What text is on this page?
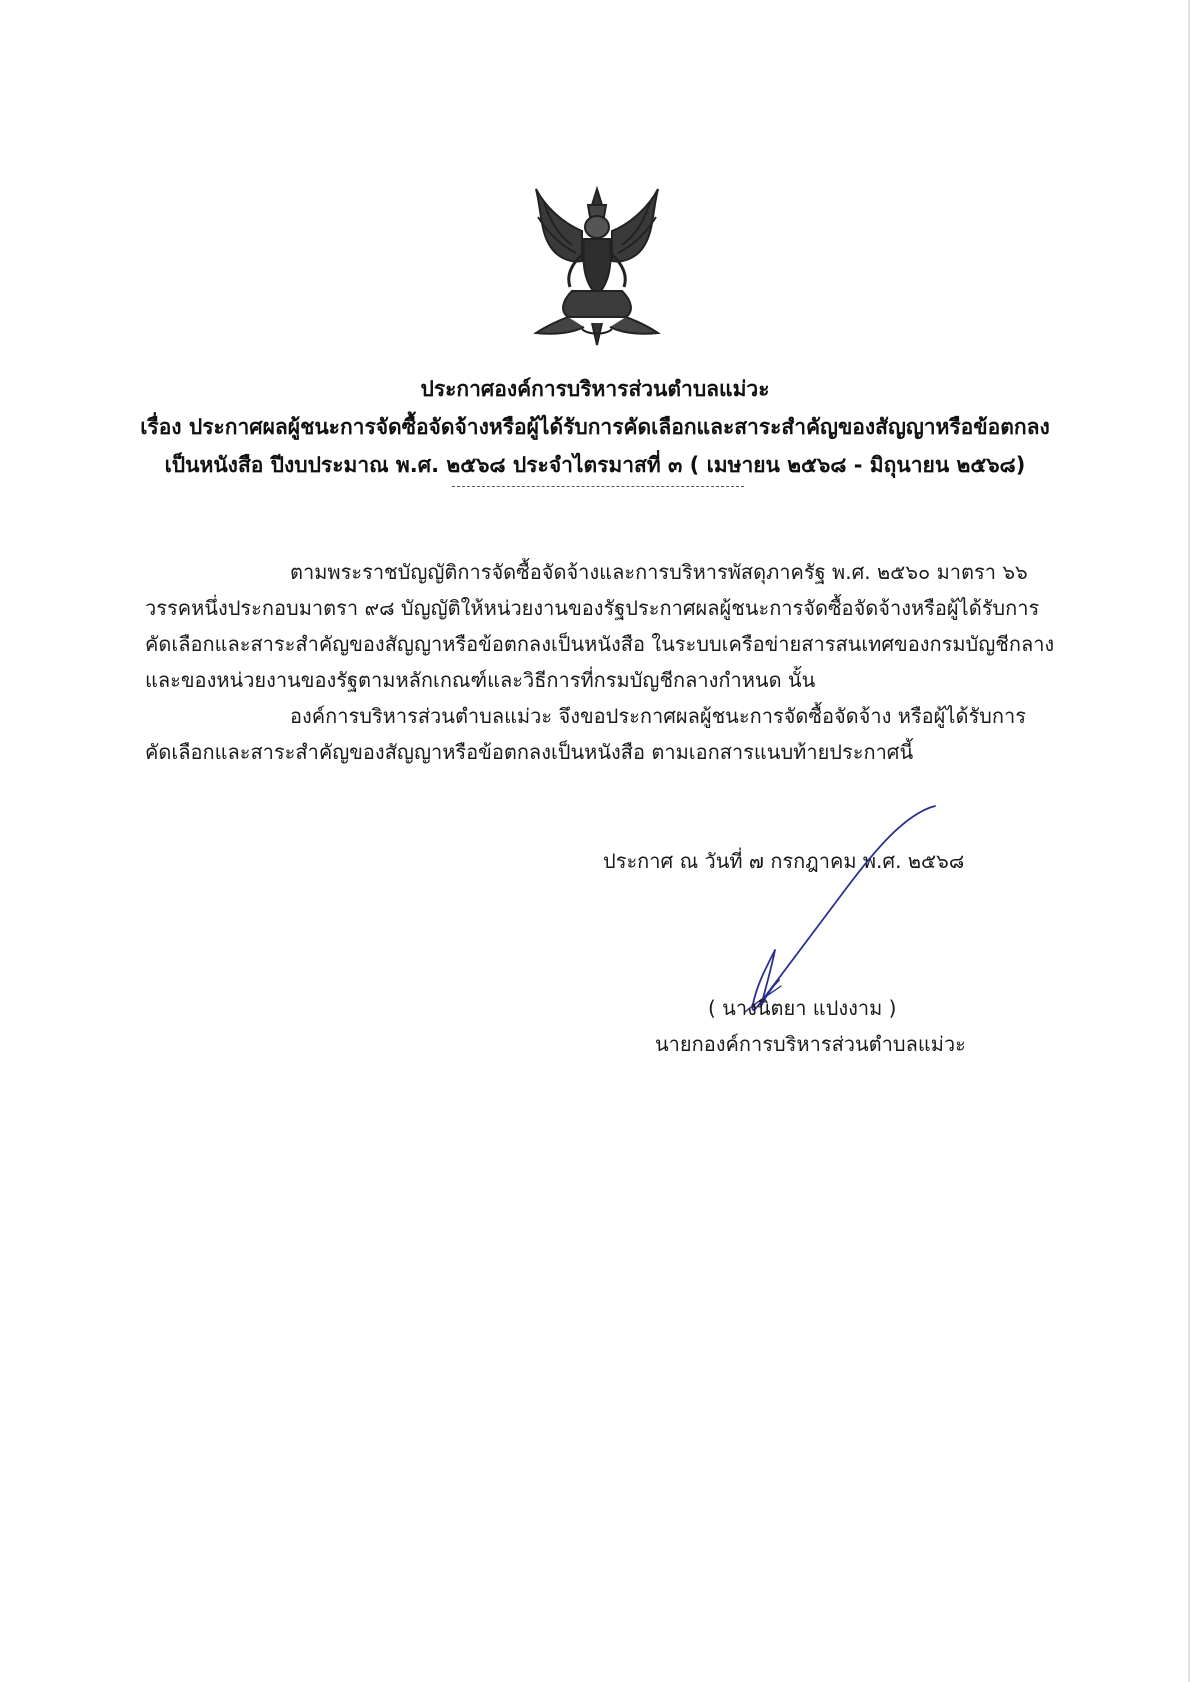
ประกาศองค์การบริหารส่วนตำบลแม่วะ
เรื่อง ประกาศผลผู้ชนะการจัดซื้อจัดจ้างหรือผู้ได้รับการคัดเลือกและสาระสำคัญของสัญญาหรือข้อตกลง
เป็นหนังสือ ปีงบประมาณ พ.ศ. ๒๕๖๘ ประจำไตรมาสที่ ๓ ( เมษายน ๒๕๖๘ - มิถุนายน ๒๕๖๘)
ตามพระราชบัญญัติการจัดซื้อจัดจ้างและการบริหารพัสดุภาครัฐ พ.ศ. ๒๕๖๐ มาตรา ๖๖
วรรคหนึ่งประกอบมาตรา ๙๘ บัญญัติให้หน่วยงานของรัฐประกาศผลผู้ชนะการจัดซื้อจัดจ้างหรือผู้ได้รับการ
คัดเลือกและสาระสำคัญของสัญญาหรือข้อตกลงเป็นหนังสือ ในระบบเครือข่ายสารสนเทศของกรมบัญชีกลาง
และของหน่วยงานของรัฐตามหลักเกณฑ์และวิธีการที่กรมบัญชีกลางกำหนด นั้น
องค์การบริหารส่วนตำบลแม่วะ จึงขอประกาศผลผู้ชนะการจัดซื้อจัดจ้าง หรือผู้ได้รับการ
คัดเลือกและสาระสำคัญของสัญญาหรือข้อตกลงเป็นหนังสือ ตามเอกสารแนบท้ายประกาศนี้
ประกาศ ณ วันที่ ๗ กรกฎาคม พ.ศ. ๒๕๖๘
( นางนิตยา แปงงาม )
นายกองค์การบริหารส่วนตำบลแม่วะ
